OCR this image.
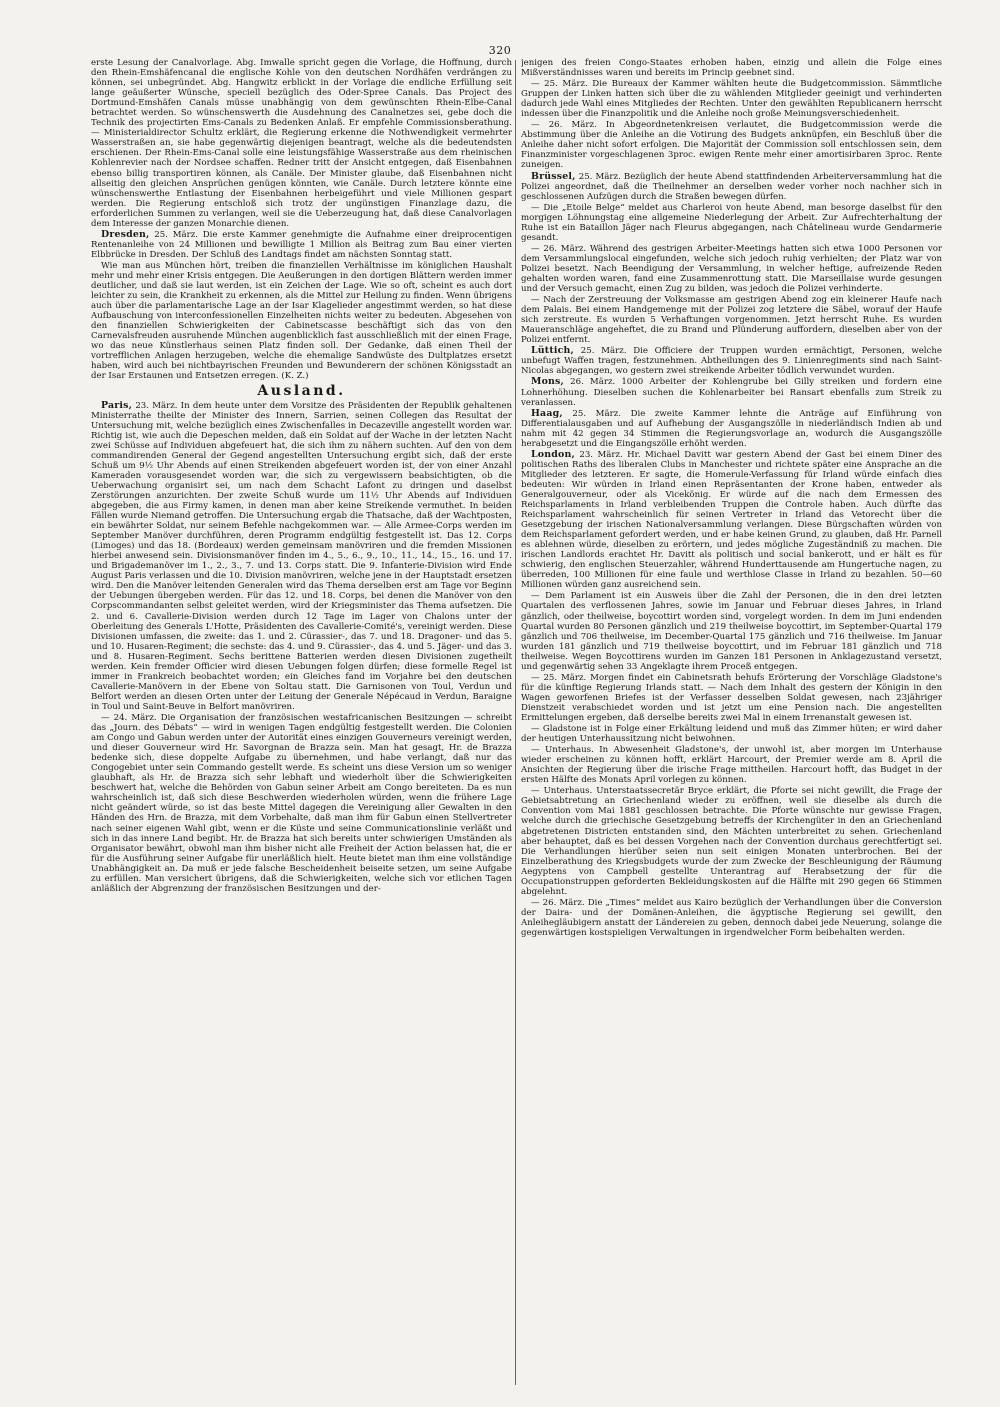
320

erste Lesung der Canalvorlage. Abg. Imwalle spricht gegen die Vorlage, die Hoffnung, durch den Rhein-Emshäfencanal die englische Kohle von den deutschen Nordhäfen verdrängen zu können, sei unbegründet. Abg. Hangwitz erblickt in der Vorlage die endliche Erfüllung seit lange geäußerter Wünsche, speciell bezüglich des Oder-Spree Canals. Das Project des Dortmund-Emshäfen Canals müsse unabhängig von dem gewünschten Rhein-Elbe-Canal betrachtet werden. So wünschenswerth die Ausdehnung des Canalnetzes sei, gebe doch die Technik des projectirten Ems-Canals zu Bedenken Anlaß. Er empfehle Commissionsberathung. — Ministerialdirector Schultz erklärt, die Regierung erkenne die Nothwendigkeit vermehrter Wasserstraßen an, sie habe gegenwärtig diejenigen beantragt, welche als die bedeutendsten erschienen. Der Rhein-Ems-Canal solle eine leistungsfähige Wasserstraße aus dem rheinischen Kohlenrevier nach der Nordsee schaffen. Redner tritt der Ansicht entgegen, daß Eisenbahnen ebenso billig transportiren können, als Canäle. Der Minister glaube, daß Eisenbahnen nicht allseitig den gleichen Ansprüchen genügen könnten, wie Canäle. Durch letztere könnte eine wünschenswerthe Entlastung der Eisenbahnen herbeigeführt und viele Millionen gespart werden. Die Regierung entschloß sich trotz der ungünstigen Finanzlage dazu, die erforderlichen Summen zu verlangen, weil sie die Ueberzeugung hat, daß diese Canalvorlagen dem Interesse der ganzen Monarchie dienen.

Dresden, 25. März. Die erste Kammer genehmigte die Aufnahme einer dreiprocentigen Rentenanleihe von 24 Millionen und bewilligte 1 Million als Beitrag zum Bau einer vierten Elbbrücke in Dresden. Der Schluß des Landtags findet am nächsten Sonntag statt.

Wie man aus München hört, treiben die finanziellen Verhältnisse im königlichen Haushalt mehr und mehr einer Krisis entgegen. Die Aeußerungen in den dortigen Blättern werden immer deutlicher, und daß sie laut werden, ist ein Zeichen der Lage. Wie so oft, scheint es auch dort leichter zu sein, die Krankheit zu erkennen, als die Mittel zur Heilung zu finden. Wenn übrigens auch über die parlamentarische Lage an der Isar Klagelieder angestimmt werden, so hat diese Aufbauschung von interconfessionellen Einzelheiten nichts weiter zu bedeuten. Abgesehen von den finanziellen Schwierigkeiten der Cabinetscasse beschäftigt sich das von den Carnevalsfreuden ausruhende München augenblicklich fast ausschließlich mit der einen Frage, wo das neue Künstlerhaus seinen Platz finden soll. Der Gedanke, daß einen Theil der vortrefflichen Anlagen herzugeben, welche die ehemalige Sandwüste des Dultplatzes ersetzt haben, wird auch bei nichtbayrischen Freunden und Bewunderern der schönen Königsstadt an der Isar Erstaunen und Entsetzen erregen. (K. Z.)

Ausland.

Paris, 23. März. In dem heute unter dem Vorsitze des Präsidenten der Republik gehaltenen Ministerrathe theilte der Minister des Innern, Sarrien, seinen Collegen das Resultat der Untersuchung mit, welche bezüglich eines Zwischenfalles in Decazeville angestellt worden war. Richtig ist, wie auch die Depeschen melden, daß ein Soldat auf der Wache in der letzten Nacht zwei Schüsse auf Individuen abgefeuert hat, die sich ihm zu nähern suchten. Auf den von dem commandirenden General der Gegend angestellten Untersuchung ergibt sich, daß der erste Schuß um 9½ Uhr Abends auf einen Streikenden abgefeuert worden ist, der von einer Anzahl Kameraden vorausgesendet worden war, die sich zu vergewissern beabsichtigten, ob die Ueberwachung organisirt sei, um nach dem Schacht Lafont zu dringen und daselbst Zerstörungen anzurichten. Der zweite Schuß wurde um 11½ Uhr Abends auf Individuen abgegeben, die aus Firmy kamen, in denen man aber keine Streikende vermuthet. In beiden Fällen wurde Niemand getroffen. Die Untersuchung ergab die Thatsache, daß der Wachtposten, ein bewährter Soldat, nur seinem Befehle nachgekommen war. — Alle Armee-Corps werden im September Manöver durchführen, deren Programm endgültig festgestellt ist. Das 12. Corps (Limoges) und das 18. (Bordeaux) werden gemeinsam manövriren und die fremden Missionen hierbei anwesend sein. Divisionsmanöver finden im 4., 5., 6., 9., 10., 11., 14., 15., 16. und 17. und Brigademanöver im 1., 2., 3., 7. und 13. Corps statt. Die 9. Infanterie-Division wird Ende August Paris verlassen und die 10. Division manövriren, welche jene in der Hauptstadt ersetzen wird. Den die Manöver leitenden Generalen wird das Thema derselben erst am Tage vor Beginn der Uebungen übergeben werden. Für das 12. und 18. Corps, bei denen die Manöver von den Corpscommandanten selbst geleitet werden, wird der Kriegsminister das Thema aufsetzen. Die 2. und 6. Cavallerie-Division werden durch 12 Tage im Lager von Chalons unter der Oberleitung des Generals L'Hotte, Präsidenten des Cavallerie-Comité's, vereinigt werden. Diese Divisionen umfassen, die zweite: das 1. und 2. Cürassier-, das 7. und 18. Dragoner- und das 5. und 10. Husaren-Regiment; die sechste: das 4. und 9. Cürassier-, das 4. und 5. Jäger- und das 3. und 8. Husaren-Regiment. Sechs berittene Batterien werden diesen Divisionen zugetheilt werden. Kein fremder Officier wird diesen Uebungen folgen dürfen; diese formelle Regel ist immer in Frankreich beobachtet worden; ein Gleiches fand im Vorjahre bei den deutschen Cavallerie-Manövern in der Ebene von Soltau statt. Die Garnisonen von Toul, Verdun und Belfort werden an diesen Orten unter der Leitung der Generale Népécaud in Verdun, Baraigne in Toul und Saint-Beuve in Belfort manövriren.

— 24. März. Die Organisation der französischen westafricanischen Besitzungen — schreibt das „Journ. des Débats“ — wird in wenigen Tagen endgültig festgestellt werden. Die Colonien am Congo und Gabun werden unter der Autorität eines einzigen Gouverneurs vereinigt werden, und dieser Gouverneur wird Hr. Savorgnan de Brazza sein. Man hat gesagt, Hr. de Brazza bedenke sich, diese doppelte Aufgabe zu übernehmen, und habe verlangt, daß nur das Congogebiet unter sein Commando gestellt werde. Es scheint uns diese Version um so weniger glaubhaft, als Hr. de Brazza sich sehr lebhaft und wiederholt über die Schwierigkeiten beschwert hat, welche die Behörden von Gabun seiner Arbeit am Congo bereiteten. Da es nun wahrscheinlich ist, daß sich diese Beschwerden wiederholen würden, wenn die frühere Lage nicht geändert würde, so ist das beste Mittel dagegen die Vereinigung aller Gewalten in den Händen des Hrn. de Brazza, mit dem Vorbehalte, daß man ihm für Gabun einen Stellvertreter nach seiner eigenen Wahl gibt, wenn er die Küste und seine Communicationslinie verläßt und sich in das innere Land begibt. Hr. de Brazza hat sich bereits unter schwierigen Umständen als Organisator bewährt, obwohl man ihm bisher nicht alle Freiheit der Action belassen hat, die er für die Ausführung seiner Aufgabe für unerläßlich hielt. Heute bietet man ihm eine vollständige Unabhängigkeit an. Da muß er jede falsche Bescheidenheit beiseite setzen, um seine Aufgabe zu erfüllen. Man versichert übrigens, daß die Schwierigkeiten, welche sich vor etlichen Tagen anläßlich der Abgrenzung der französischen Besitzungen und der-

jenigen des freien Congo-Staates erhoben haben, einzig und allein die Folge eines Mißverständnisses waren und bereits im Princip geebnet sind.

— 25. März. Die Bureaux der Kammer wählten heute die Budgetcommission. Sämmtliche Gruppen der Linken hatten sich über die zu wählenden Mitglieder geeinigt und verhinderten dadurch jede Wahl eines Mitgliedes der Rechten. Unter den gewählten Republicanern herrscht indessen über die Finanzpolitik und die Anleihe noch große Meinungsverschiedenheit.

— 26. März. In Abgeordnetenkreisen verlautet, die Budgetcommission werde die Abstimmung über die Anleihe an die Votirung des Budgets anknüpfen, ein Beschluß über die Anleihe daher nicht sofort erfolgen. Die Majorität der Commission soll entschlossen sein, dem Finanzminister vorgeschlagenen 3proc. ewigen Rente mehr einer amortisirbaren 3proc. Rente zuneigen.

Brüssel, 25. März. Bezüglich der heute Abend stattfindenden Arbeiterversammlung hat die Polizei angeordnet, daß die Theilnehmer an derselben weder vorher noch nachher sich in geschlossenen Aufzügen durch die Straßen bewegen dürfen.

— Die „Etoile Belge“ meldet aus Charleroi von heute Abend, man besorge daselbst für den morgigen Löhnungstag eine allgemeine Niederlegung der Arbeit. Zur Aufrechterhaltung der Ruhe ist ein Bataillon Jäger nach Fleurus abgegangen, nach Châtelineau wurde Gendarmerie gesandt.

— 26. März. Während des gestrigen Arbeiter-Meetings hatten sich etwa 1000 Personen vor dem Versammlungslocal eingefunden, welche sich jedoch ruhig verhielten; der Platz war von Polizei besetzt. Nach Beendigung der Versammlung, in welcher heftige, aufreizende Reden gehalten worden waren, fand eine Zusammenrottung statt. Die Marseillaise wurde gesungen und der Versuch gemacht, einen Zug zu bilden, was jedoch die Polizei verhinderte.

— Nach der Zerstreuung der Volksmasse am gestrigen Abend zog ein kleinerer Haufe nach dem Palais. Bei einem Handgemenge mit der Polizei zog letztere die Säbel, worauf der Haufe sich zerstreute. Es wurden 5 Verhaftungen vorgenommen. Jetzt herrscht Ruhe. Es wurden Maueranschläge angeheftet, die zu Brand und Plünderung auffordern, dieselben aber von der Polizei entfernt.

Lüttich, 25. März. Die Officiere der Truppen wurden ermächtigt, Personen, welche unbefugt Waffen tragen, festzunehmen. Abtheilungen des 9. Linienregiments sind nach Saint-Nicolas abgegangen, wo gestern zwei streikende Arbeiter tödlich verwundet wurden.

Mons, 26. März. 1000 Arbeiter der Kohlengrube bei Gilly streiken und fordern eine Lohnerhöhung. Dieselben suchen die Kohlenarbeiter bei Ransart ebenfalls zum Streik zu veranlassen.

Haag, 25. März. Die zweite Kammer lehnte die Anträge auf Einführung von Differentialausgaben und auf Aufhebung der Ausgangszölle in niederländisch Indien ab und nahm mit 42 gegen 34 Stimmen die Regierungsvorlage an, wodurch die Ausgangszölle herabgesetzt und die Eingangszölle erhöht werden.

London, 23. März. Hr. Michael Davitt war gestern Abend der Gast bei einem Diner des politischen Raths des liberalen Clubs in Manchester und richtete später eine Ansprache an die Mitglieder des letzteren. Er sagte, die Homerule-Verfassung für Irland würde einfach dies bedeuten: Wir würden in Irland einen Repräsentanten der Krone haben, entweder als Generalgouverneur, oder als Vicekönig. Er würde auf die nach dem Ermessen des Reichsparlaments in Irland verbleibenden Truppen die Controle haben. Auch dürfte das Reichsparlament wahrscheinlich für seinen Vertreter in Irland das Vetorecht über die Gesetzgebung der irischen Nationalversammlung verlangen. Diese Bürgschaften würden von dem Reichsparlament gefordert werden, und er habe keinen Grund, zu glauben, daß Hr. Parnell es ablehnen würde, dieselben zu erörtern, und jedes mögliche Zugeständniß zu machen. Die irischen Landlords erachtet Hr. Davitt als politisch und social bankerott, und er hält es für schwierig, den englischen Steuerzahler, während Hunderttausende am Hungertuche nagen, zu überreden, 100 Millionen für eine faule und werthlose Classe in Irland zu bezahlen. 50—60 Millionen würden ganz ausreichend sein.

— Dem Parlament ist ein Ausweis über die Zahl der Personen, die in den drei letzten Quartalen des verflossenen Jahres, sowie im Januar und Februar dieses Jahres, in Irland gänzlich, oder theilweise, boycottirt worden sind, vorgelegt worden. In dem im Juni endenden Quartal wurden 80 Personen gänzlich und 219 theilweise boycottirt, im September-Quartal 179 gänzlich und 706 theilweise, im December-Quartal 175 gänzlich und 716 theilweise. Im Januar wurden 181 gänzlich und 719 theilweise boycottirt, und im Februar 181 gänzlich und 718 theilweise. Wegen Boycottirens wurden im Ganzen 181 Personen in Anklagezustand versetzt, und gegenwärtig sehen 33 Angeklagte ihrem Proceß entgegen.

— 25. März. Morgen findet ein Cabinetsrath behufs Erörterung der Vorschläge Gladstone's für die künftige Regierung Irlands statt. — Nach dem Inhalt des gestern der Königin in den Wagen geworfenen Briefes ist der Verfasser desselben Soldat gewesen, nach 23jähriger Dienstzeit verabschiedet worden und ist jetzt um eine Pension nach. Die angestellten Ermittelungen ergeben, daß derselbe bereits zwei Mal in einem Irrenanstalt gewesen ist.

— Gladstone ist in Folge einer Erkältung leidend und muß das Zimmer hüten; er wird daher der heutigen Unterhaussitzung nicht beiwohnen.

— Unterhaus. In Abwesenheit Gladstone's, der unwohl ist, aber morgen im Unterhause wieder erscheinen zu können hofft, erklärt Harcourt, der Premier werde am 8. April die Ansichten der Regierung über die irische Frage mittheilen. Harcourt hofft, das Budget in der ersten Hälfte des Monats April vorlegen zu können.

— Unterhaus. Unterstaatssecretär Bryce erklärt, die Pforte sei nicht gewillt, die Frage der Gebietsabtretung an Griechenland wieder zu eröffnen, weil sie dieselbe als durch die Convention vom Mai 1881 geschlossen betrachte. Die Pforte wünschte nur gewisse Fragen, welche durch die griechische Gesetzgebung betreffs der Kirchengüter in den an Griechenland abgetretenen Districten entstanden sind, den Mächten unterbreitet zu sehen. Griechenland aber behauptet, daß es bei dessen Vorgehen nach der Convention durchaus gerechtfertigt sei. Die Verhandlungen hierüber seien nun seit einigen Monaten unterbrochen. Bei der Einzelberathung des Kriegsbudgets wurde der zum Zwecke der Beschleunigung der Räumung Aegyptens von Campbell gestellte Unterantrag auf Herabsetzung der für die Occupationstruppen geforderten Bekleidungskosten auf die Hälfte mit 290 gegen 66 Stimmen abgelehnt.

— 26. März. Die „Times“ meldet aus Kairo bezüglich der Verhandlungen über die Conversion der Daira- und der Domänen-Anleihen, die ägyptische Regierung sei gewillt, den Anleihegläubigern anstatt der Ländereien zu geben, dennoch dabei jede Neuerung, solange die gegenwärtigen kostspieligen Verwaltungen in irgendwelcher Form beibehalten werden.
